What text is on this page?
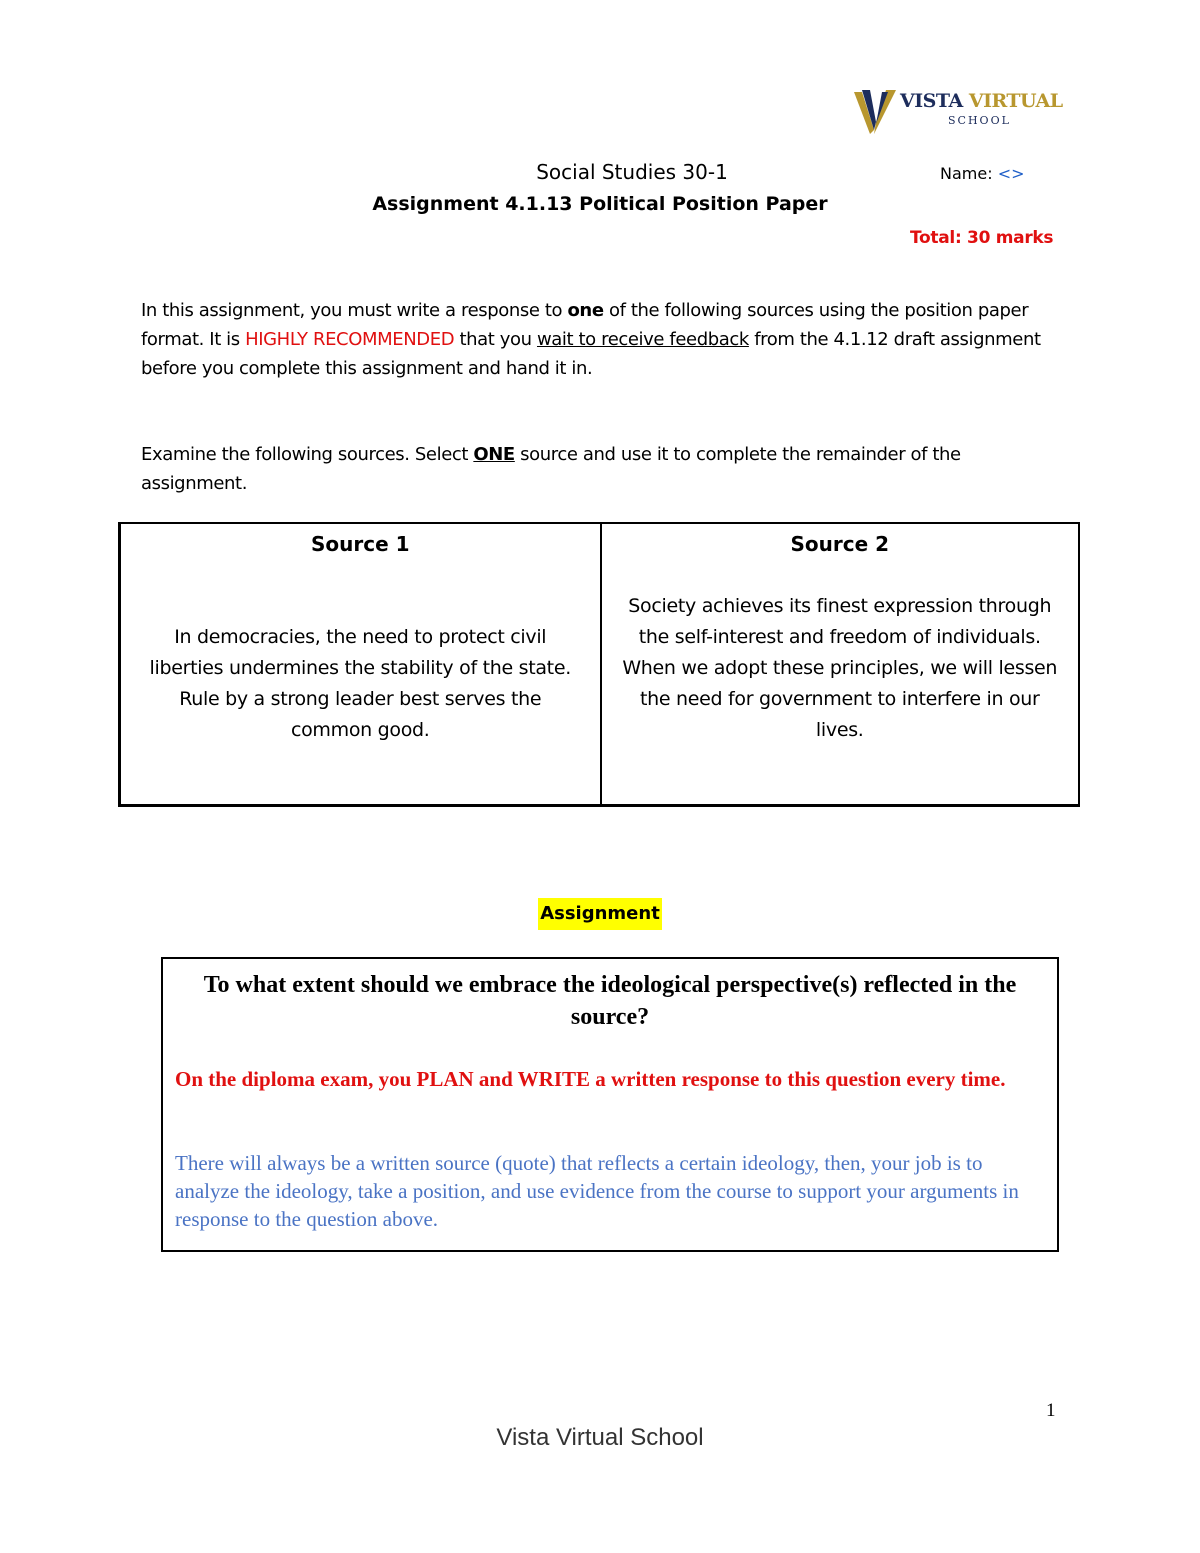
VISTA VIRTUAL
SCHOOL
Social Studies 30-1	Name: <>
Assignment 4.1.13 Political Position Paper
Total: 30 marks
In this assignment, you must write a response to one of the following sources using the position paper format. It is HIGHLY RECOMMENDED that you wait to receive feedback from the 4.1.12 draft assignment before you complete this assignment and hand it in.
Examine the following sources. Select ONE source and use it to complete the remainder of the assignment.
Source 1
In democracies, the need to protect civil liberties undermines the stability of the state. Rule by a strong leader best serves the common good.
Source 2
Society achieves its finest expression through the self-interest and freedom of individuals. When we adopt these principles, we will lessen the need for government to interfere in our lives.
Assignment
To what extent should we embrace the ideological perspective(s) reflected in the source?
On the diploma exam, you PLAN and WRITE a written response to this question every time.
There will always be a written source (quote) that reflects a certain ideology, then, your job is to analyze the ideology, take a position, and use evidence from the course to support your arguments in response to the question above.
1
Vista Virtual School
